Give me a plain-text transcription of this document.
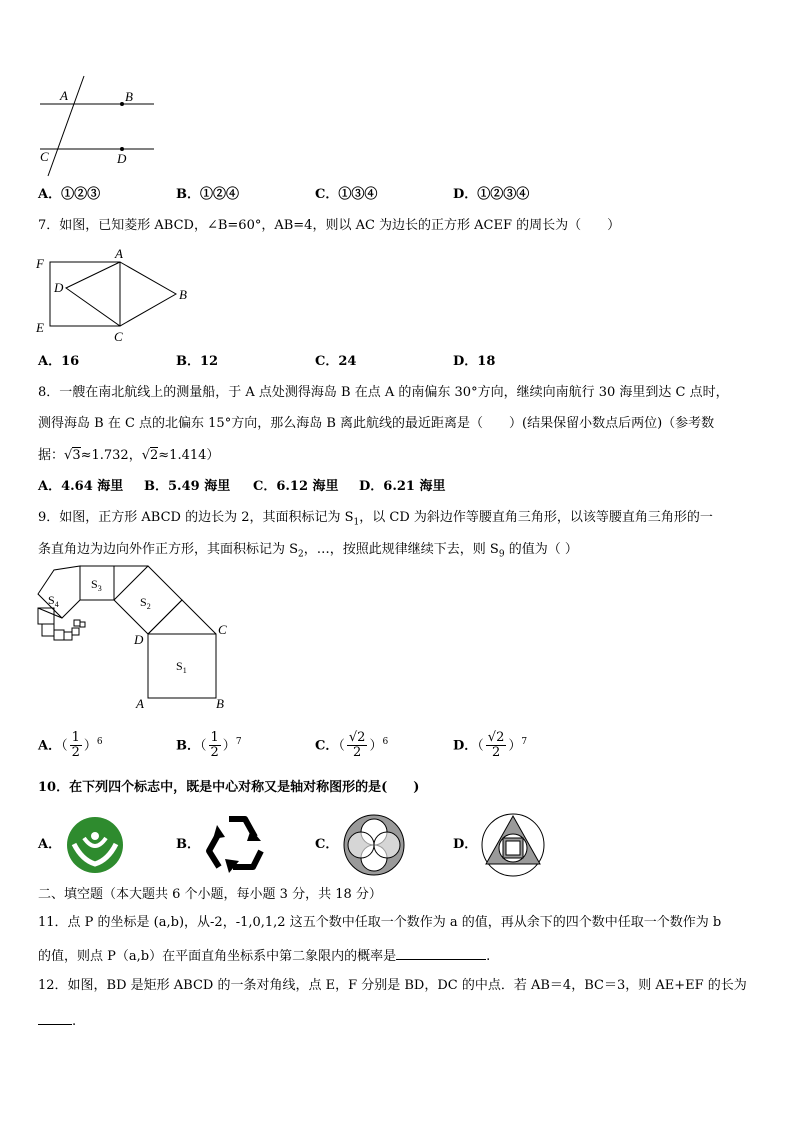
A	B
C	D
A．①②③	B．①②④	C．①③④	D．①②③④
7．如图，已知菱形 ABCD，∠B=60°，AB=4，则以 AC 为边长的正方形 ACEF 的周长为（　　）
F
A
D	B
E
C
A．16	B．12	C．24	D．18
8．一艘在南北航线上的测量船，于 A 点处测得海岛 B 在点 A 的南偏东 30°方向，继续向南航行 30 海里到达 C 点时，
测得海岛 B 在 C 点的北偏东 15°方向，那么海岛 B 离此航线的最近距离是（　　）(结果保留小数点后两位)（参考数
据：√3≈1.732，√2≈1.414）
A．4.64 海里 B．5.49 海里 C．6.12 海里 D．6.21 海里
9．如图，正方形 ABCD 的边长为 2，其面积标记为 $S_1$，以 CD 为斜边作等腰直角三角形，以该等腰直角三角形的一
条直角边为边向外作正方形，其面积标记为 $S_2$，…，按照此规律继续下去，则 $S_9$ 的值为（ ）
$S_3$
$S_4$	$S_2$
D
C
$S_1$
A	B
A．（ $\frac{1}{2} )^6$	B．（ $\frac{1}{2} )^7$	C．（ $\frac{√2}{2} )^6$	D．（ $\frac{√2}{2} )^7$
10．在下列四个标志中，既是中心对称又是轴对称图形的是(　　)
A．	B．	C．	D．
二、填空题（本大题共 6 个小题，每小题 3 分，共 18 分）
11．点 P 的坐标是 (a,b)，从-2，-1,0,1,2 这五个数中任取一个数作为 a 的值，再从余下的四个数中任取一个数作为 b
的值，则点 P（a,b）在平面直角坐标系中第二象限内的概率是	.
12．如图，BD 是矩形 ABCD 的一条对角线，点 E，F 分别是 BD，DC 的中点．若 AB＝4，BC＝3，则 AE+EF 的长为
.
